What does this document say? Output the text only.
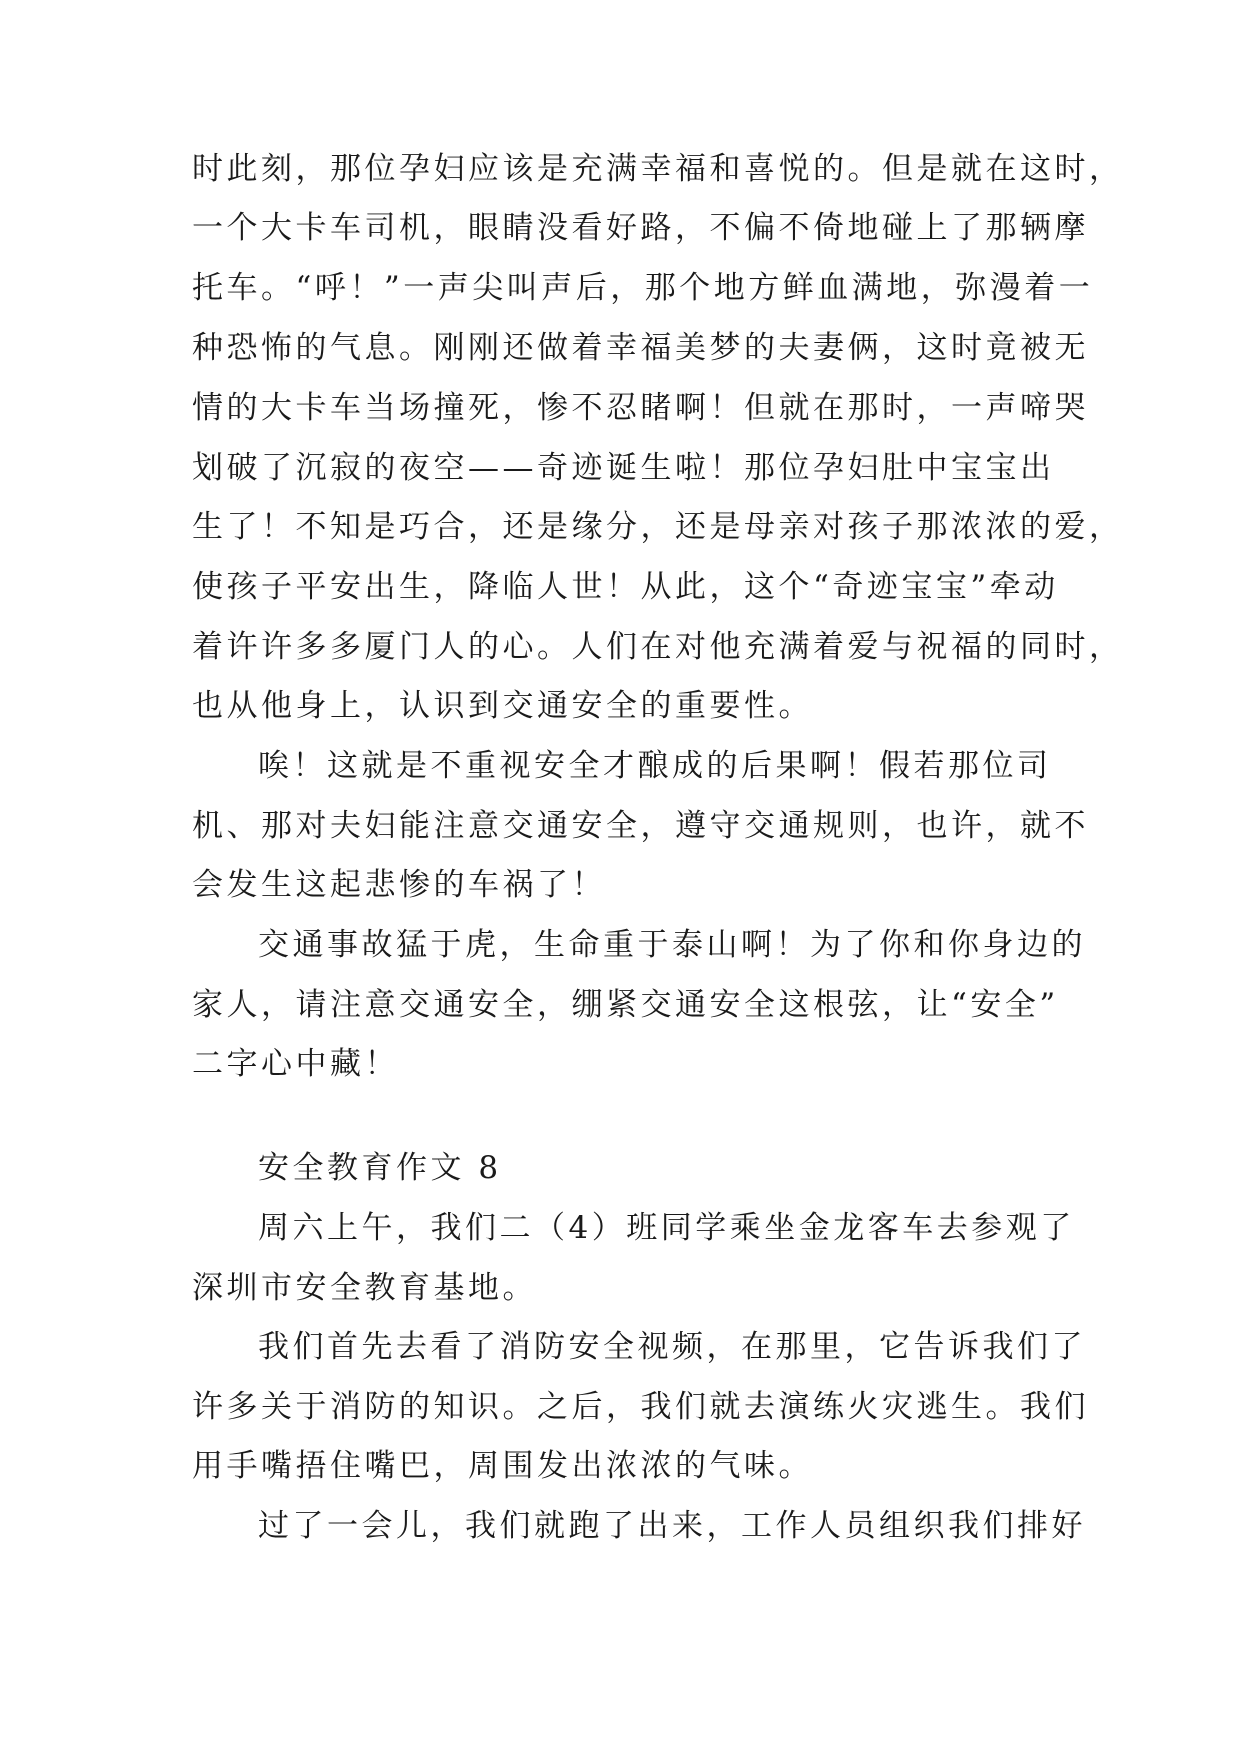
时此刻，那位孕妇应该是充满幸福和喜悦的。但是就在这时，
一个大卡车司机，眼睛没看好路，不偏不倚地碰上了那辆摩
托车。“呼！”一声尖叫声后，那个地方鲜血满地，弥漫着一
种恐怖的气息。刚刚还做着幸福美梦的夫妻俩，这时竟被无
情的大卡车当场撞死，惨不忍睹啊！但就在那时，一声啼哭
划破了沉寂的夜空——奇迹诞生啦！那位孕妇肚中宝宝出
生了！不知是巧合，还是缘分，还是母亲对孩子那浓浓的爱，
使孩子平安出生，降临人世！从此，这个“奇迹宝宝”牵动
着许许多多厦门人的心。人们在对他充满着爱与祝福的同时，
也从他身上，认识到交通安全的重要性。
唉！这就是不重视安全才酿成的后果啊！假若那位司
机、那对夫妇能注意交通安全，遵守交通规则，也许，就不
会发生这起悲惨的车祸了！
交通事故猛于虎，生命重于泰山啊！为了你和你身边的
家人，请注意交通安全，绷紧交通安全这根弦，让“安全”
二字心中藏！
安全教育作文 8
周六上午，我们二（4）班同学乘坐金龙客车去参观了
深圳市安全教育基地。
我们首先去看了消防安全视频，在那里，它告诉我们了
许多关于消防的知识。之后，我们就去演练火灾逃生。我们
用手嘴捂住嘴巴，周围发出浓浓的气味。
过了一会儿，我们就跑了出来，工作人员组织我们排好
